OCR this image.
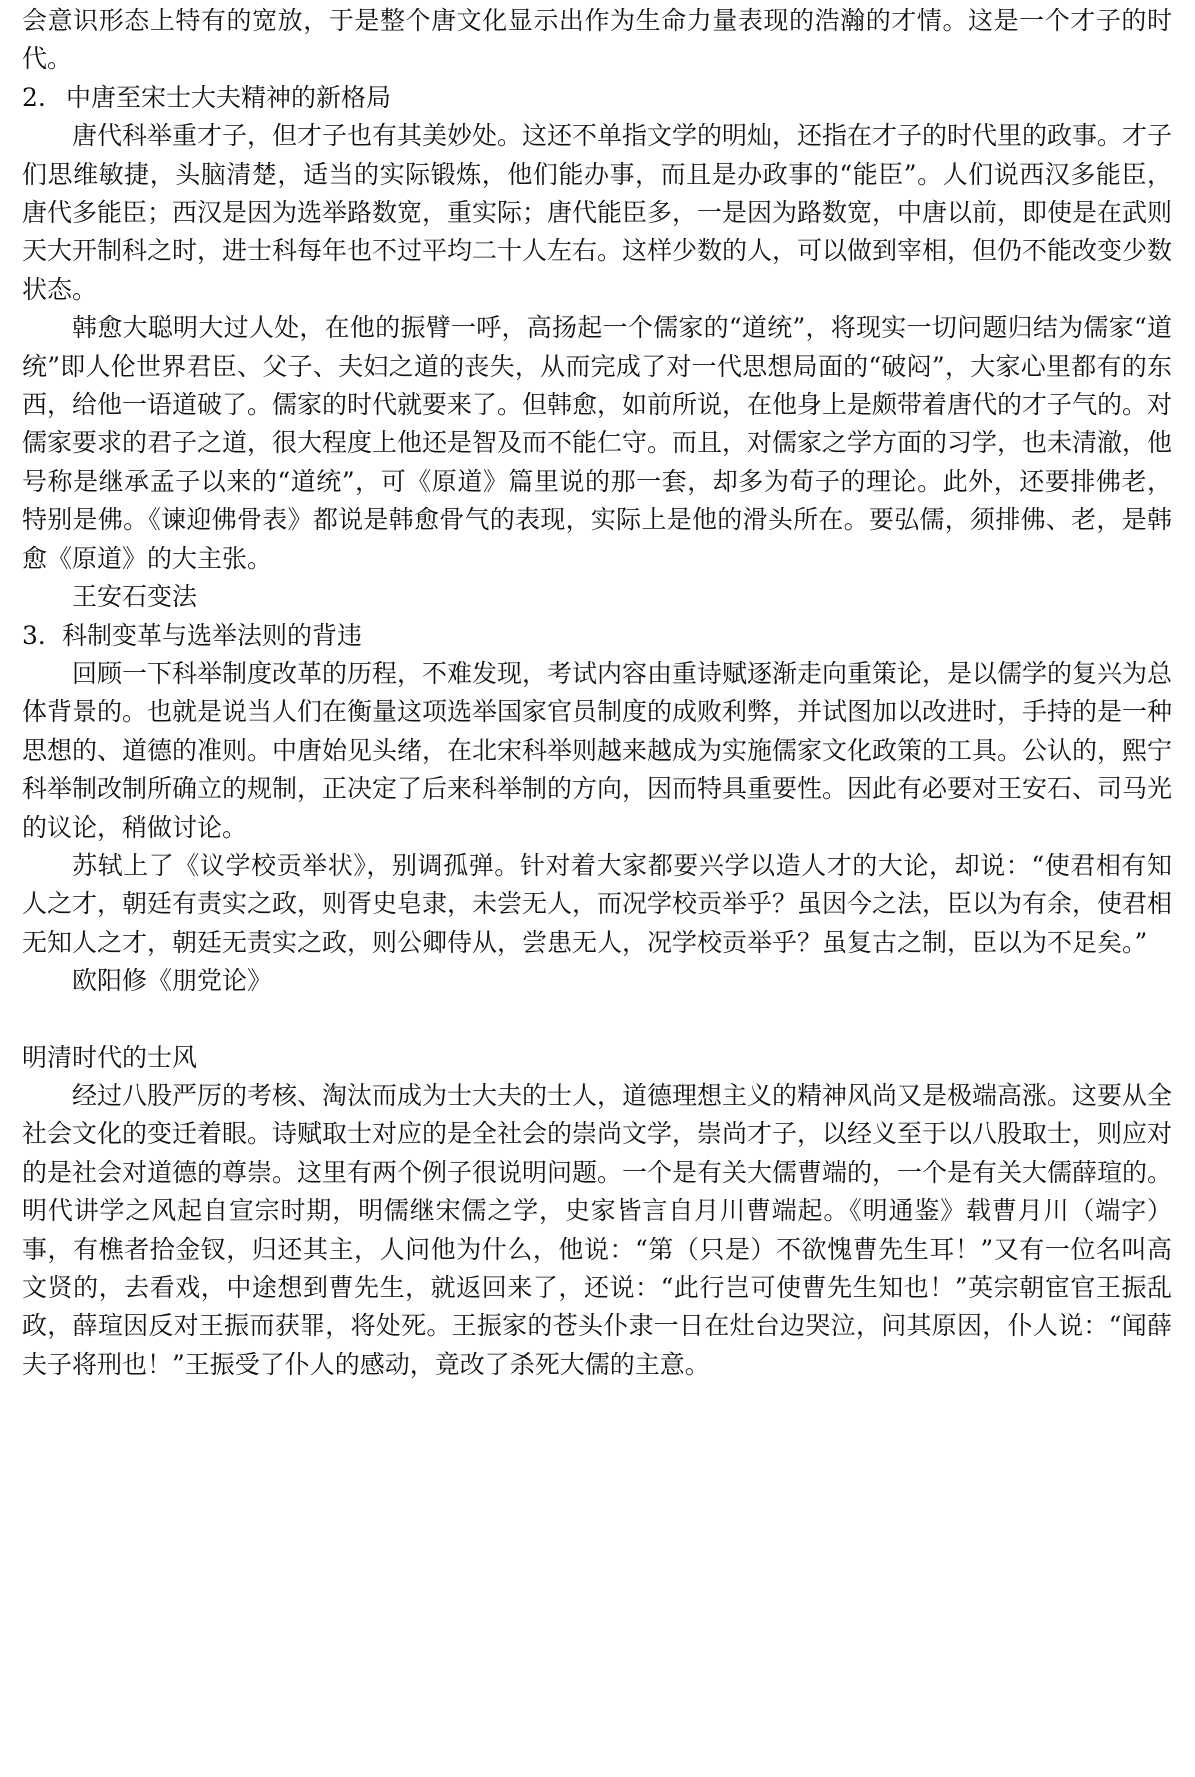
会意识形态上特有的宽放，于是整个唐文化显示出作为生命力量表现的浩瀚的才情。这是一个才子的时代。

2. 中唐至宋士大夫精神的新格局

唐代科举重才子，但才子也有其美妙处。这还不单指文学的明灿，还指在才子的时代里的政事。才子们思维敏捷，头脑清楚，适当的实际锻炼，他们能办事，而且是办政事的“能臣”。人们说西汉多能臣，唐代多能臣；西汉是因为选举路数宽，重实际；唐代能臣多，一是因为路数宽，中唐以前，即使是在武则天大开制科之时，进士科每年也不过平均二十人左右。这样少数的人，可以做到宰相，但仍不能改变少数状态。

韩愈大聪明大过人处，在他的振臂一呼，高扬起一个儒家的“道统”，将现实一切问题归结为儒家“道统”即人伦世界君臣、父子、夫妇之道的丧失，从而完成了对一代思想局面的“破闷”，大家心里都有的东西，给他一语道破了。儒家的时代就要来了。但韩愈，如前所说，在他身上是颇带着唐代的才子气的。对儒家要求的君子之道，很大程度上他还是智及而不能仁守。而且，对儒家之学方面的习学，也未清澈，他号称是继承孟子以来的“道统”，可《原道》篇里说的那一套，却多为荀子的理论。此外，还要排佛老，特别是佛。《谏迎佛骨表》都说是韩愈骨气的表现，实际上是他的滑头所在。要弘儒，须排佛、老，是韩愈《原道》的大主张。

王安石变法

3． 科制变革与选举法则的背违

回顾一下科举制度改革的历程，不难发现，考试内容由重诗赋逐渐走向重策论，是以儒学的复兴为总体背景的。也就是说当人们在衡量这项选举国家官员制度的成败利弊，并试图加以改进时，手持的是一种思想的、道德的准则。中唐始见头绪，在北宋科举则越来越成为实施儒家文化政策的工具。公认的，熙宁科举制改制所确立的规制，正决定了后来科举制的方向，因而特具重要性。因此有必要对王安石、司马光的议论，稍做讨论。

苏轼上了《议学校贡举状》，别调孤弹。针对着大家都要兴学以造人才的大论，却说：“使君相有知人之才，朝廷有责实之政，则胥史皂隶，未尝无人，而况学校贡举乎？虽因今之法，臣以为有余，使君相无知人之才，朝廷无责实之政，则公卿侍从，尝患无人，况学校贡举乎？虽复古之制，臣以为不足矣。”

欧阳修《朋党论》

明清时代的士风

经过八股严厉的考核、淘汰而成为士大夫的士人，道德理想主义的精神风尚又是极端高涨。这要从全社会文化的变迁着眼。诗赋取士对应的是全社会的崇尚文学，崇尚才子，以经义至于以八股取士，则应对的是社会对道德的尊崇。这里有两个例子很说明问题。一个是有关大儒曹端的，一个是有关大儒薛瑄的。明代讲学之风起自宣宗时期，明儒继宋儒之学，史家皆言自月川曹端起。《明通鉴》载曹月川（端字）事，有樵者拾金钗，归还其主，人问他为什么，他说：“第（只是）不欲愧曹先生耳！”又有一位名叫高文贤的，去看戏，中途想到曹先生，就返回来了，还说：“此行岂可使曹先生知也！”英宗朝宦官王振乱政，薛瑄因反对王振而获罪，将处死。王振家的苍头仆隶一日在灶台边哭泣，问其原因，仆人说：“闻薛夫子将刑也！”王振受了仆人的感动，竟改了杀死大儒的主意。
